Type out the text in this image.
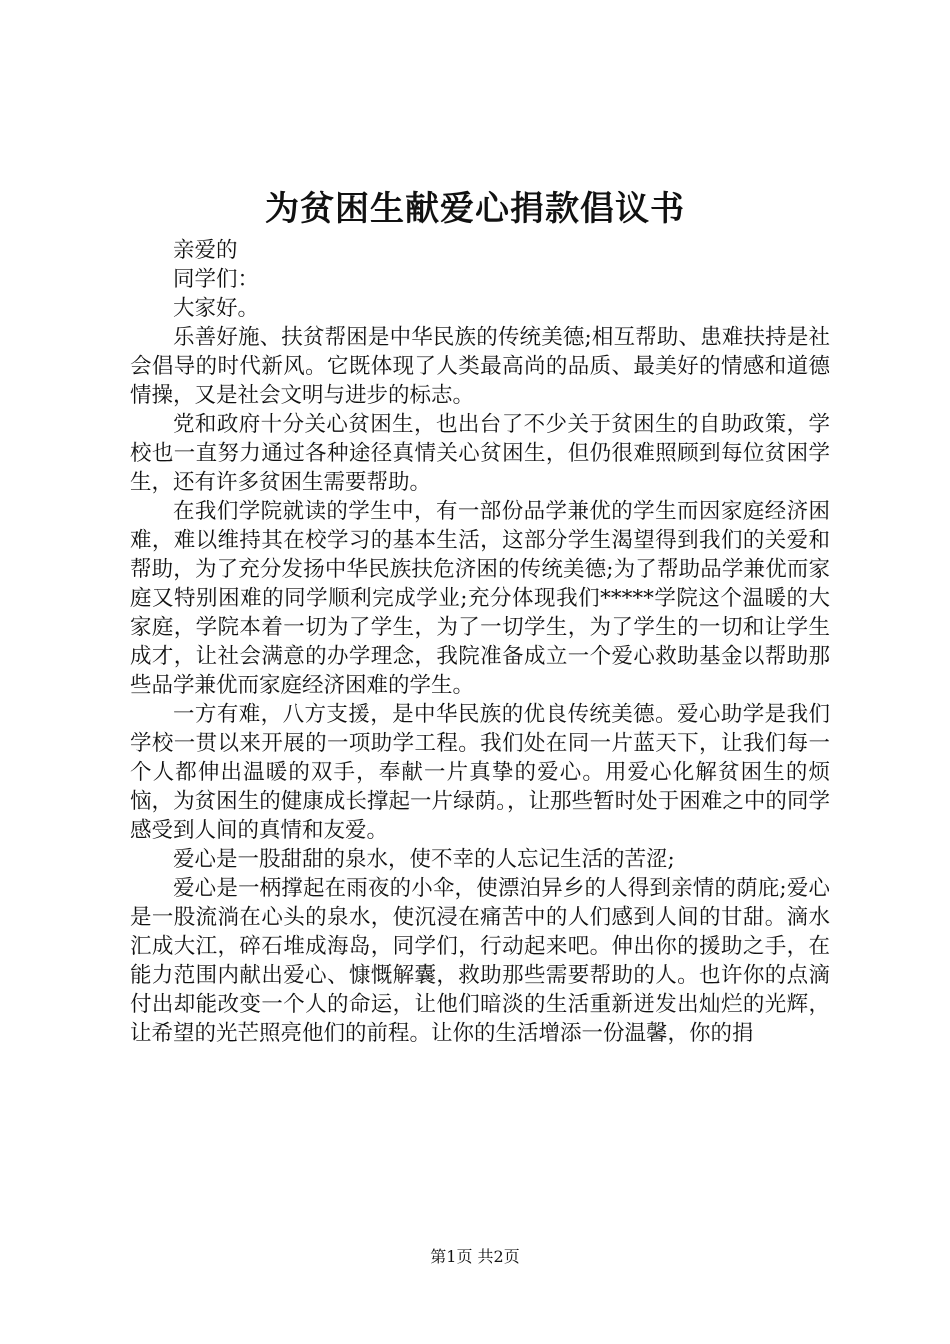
为贫困生献爱心捐款倡议书

亲爱的

同学们：

大家好。

乐善好施、扶贫帮困是中华民族的传统美德;相互帮助、患难扶持是社会倡导的时代新风。它既体现了人类最高尚的品质、最美好的情感和道德情操，又是社会文明与进步的标志。

党和政府十分关心贫困生，也出台了不少关于贫困生的自助政策，学校也一直努力通过各种途径真情关心贫困生，但仍很难照顾到每位贫困学生，还有许多贫困生需要帮助。

在我们学院就读的学生中，有一部份品学兼优的学生而因家庭经济困难，难以维持其在校学习的基本生活，这部分学生渴望得到我们的关爱和帮助，为了充分发扬中华民族扶危济困的传统美德;为了帮助品学兼优而家庭又特别困难的同学顺利完成学业;充分体现我们*****学院这个温暖的大家庭，学院本着一切为了学生，为了一切学生，为了学生的一切和让学生成才，让社会满意的办学理念，我院准备成立一个爱心救助基金以帮助那些品学兼优而家庭经济困难的学生。

一方有难，八方支援，是中华民族的优良传统美德。爱心助学是我们学校一贯以来开展的一项助学工程。我们处在同一片蓝天下，让我们每一个人都伸出温暖的双手，奉献一片真挚的爱心。用爱心化解贫困生的烦恼，为贫困生的健康成长撑起一片绿荫。，让那些暂时处于困难之中的同学感受到人间的真情和友爱。

爱心是一股甜甜的泉水，使不幸的人忘记生活的苦涩;

爱心是一柄撑起在雨夜的小伞，使漂泊异乡的人得到亲情的荫庇;爱心是一股流淌在心头的泉水，使沉浸在痛苦中的人们感到人间的甘甜。滴水汇成大江，碎石堆成海岛，同学们，行动起来吧。伸出你的援助之手，在能力范围内献出爱心、慷慨解囊，救助那些需要帮助的人。也许你的点滴付出却能改变一个人的命运，让他们暗淡的生活重新迸发出灿烂的光辉，让希望的光芒照亮他们的前程。让你的生活增添一份温馨，你的捐

第1页 共2页
